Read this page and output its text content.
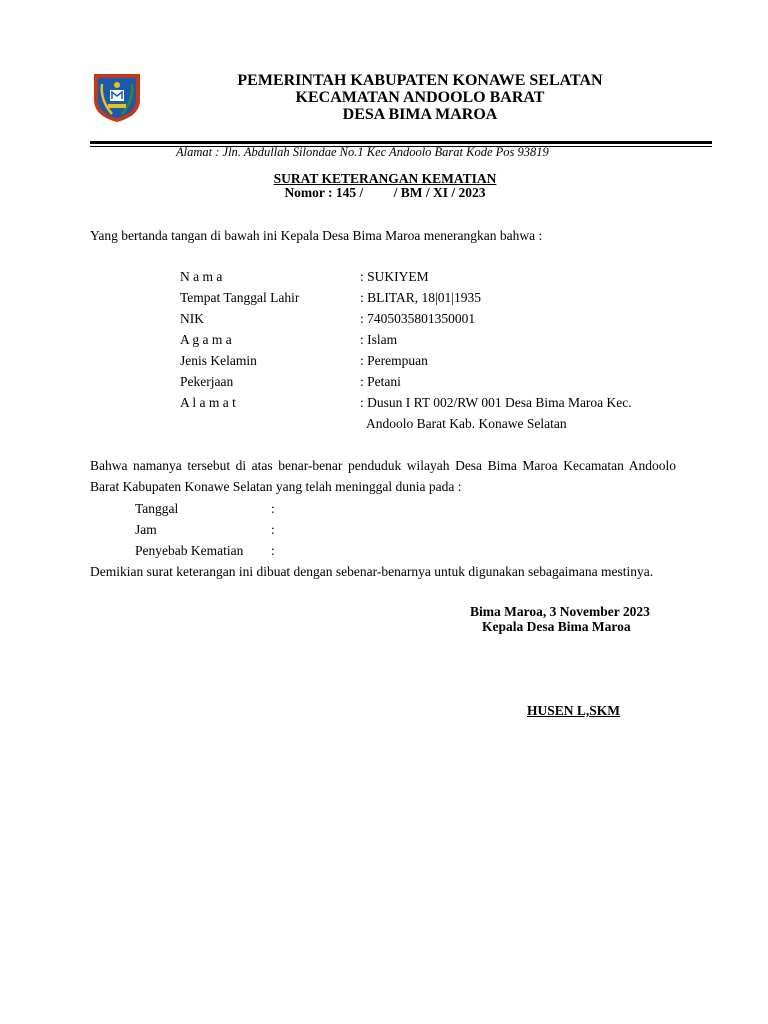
PEMERINTAH KABUPATEN KONAWE SELATAN
KECAMATAN ANDOOLO BARAT
DESA BIMA MAROA
Alamat : Jln. Abdullah Silondae No.1 Kec Andoolo Barat Kode Pos 93819
SURAT KETERANGAN KEMATIAN
Nomor : 145 /         / BM / XI / 2023
Yang bertanda tangan di bawah ini Kepala Desa Bima Maroa menerangkan bahwa :
N a m a	: SUKIYEM
Tempat Tanggal Lahir	: BLITAR, 18|01|1935
NIK	: 7405035801350001
A g a m a	: Islam
Jenis Kelamin	: Perempuan
Pekerjaan	: Petani
A l a m a t	: Dusun I RT 002/RW 001 Desa Bima Maroa Kec.
Andoolo Barat Kab. Konawe Selatan
Bahwa namanya tersebut di atas benar-benar penduduk wilayah Desa Bima Maroa Kecamatan Andoolo Barat Kabupaten Konawe Selatan yang telah meninggal dunia pada :
Tanggal	:
Jam	:
Penyebab Kematian :
Demikian surat keterangan ini dibuat dengan sebenar-benarnya untuk digunakan sebagaimana mestinya.
Bima Maroa, 3 November 2023
Kepala Desa Bima Maroa
HUSEN L,SKM
